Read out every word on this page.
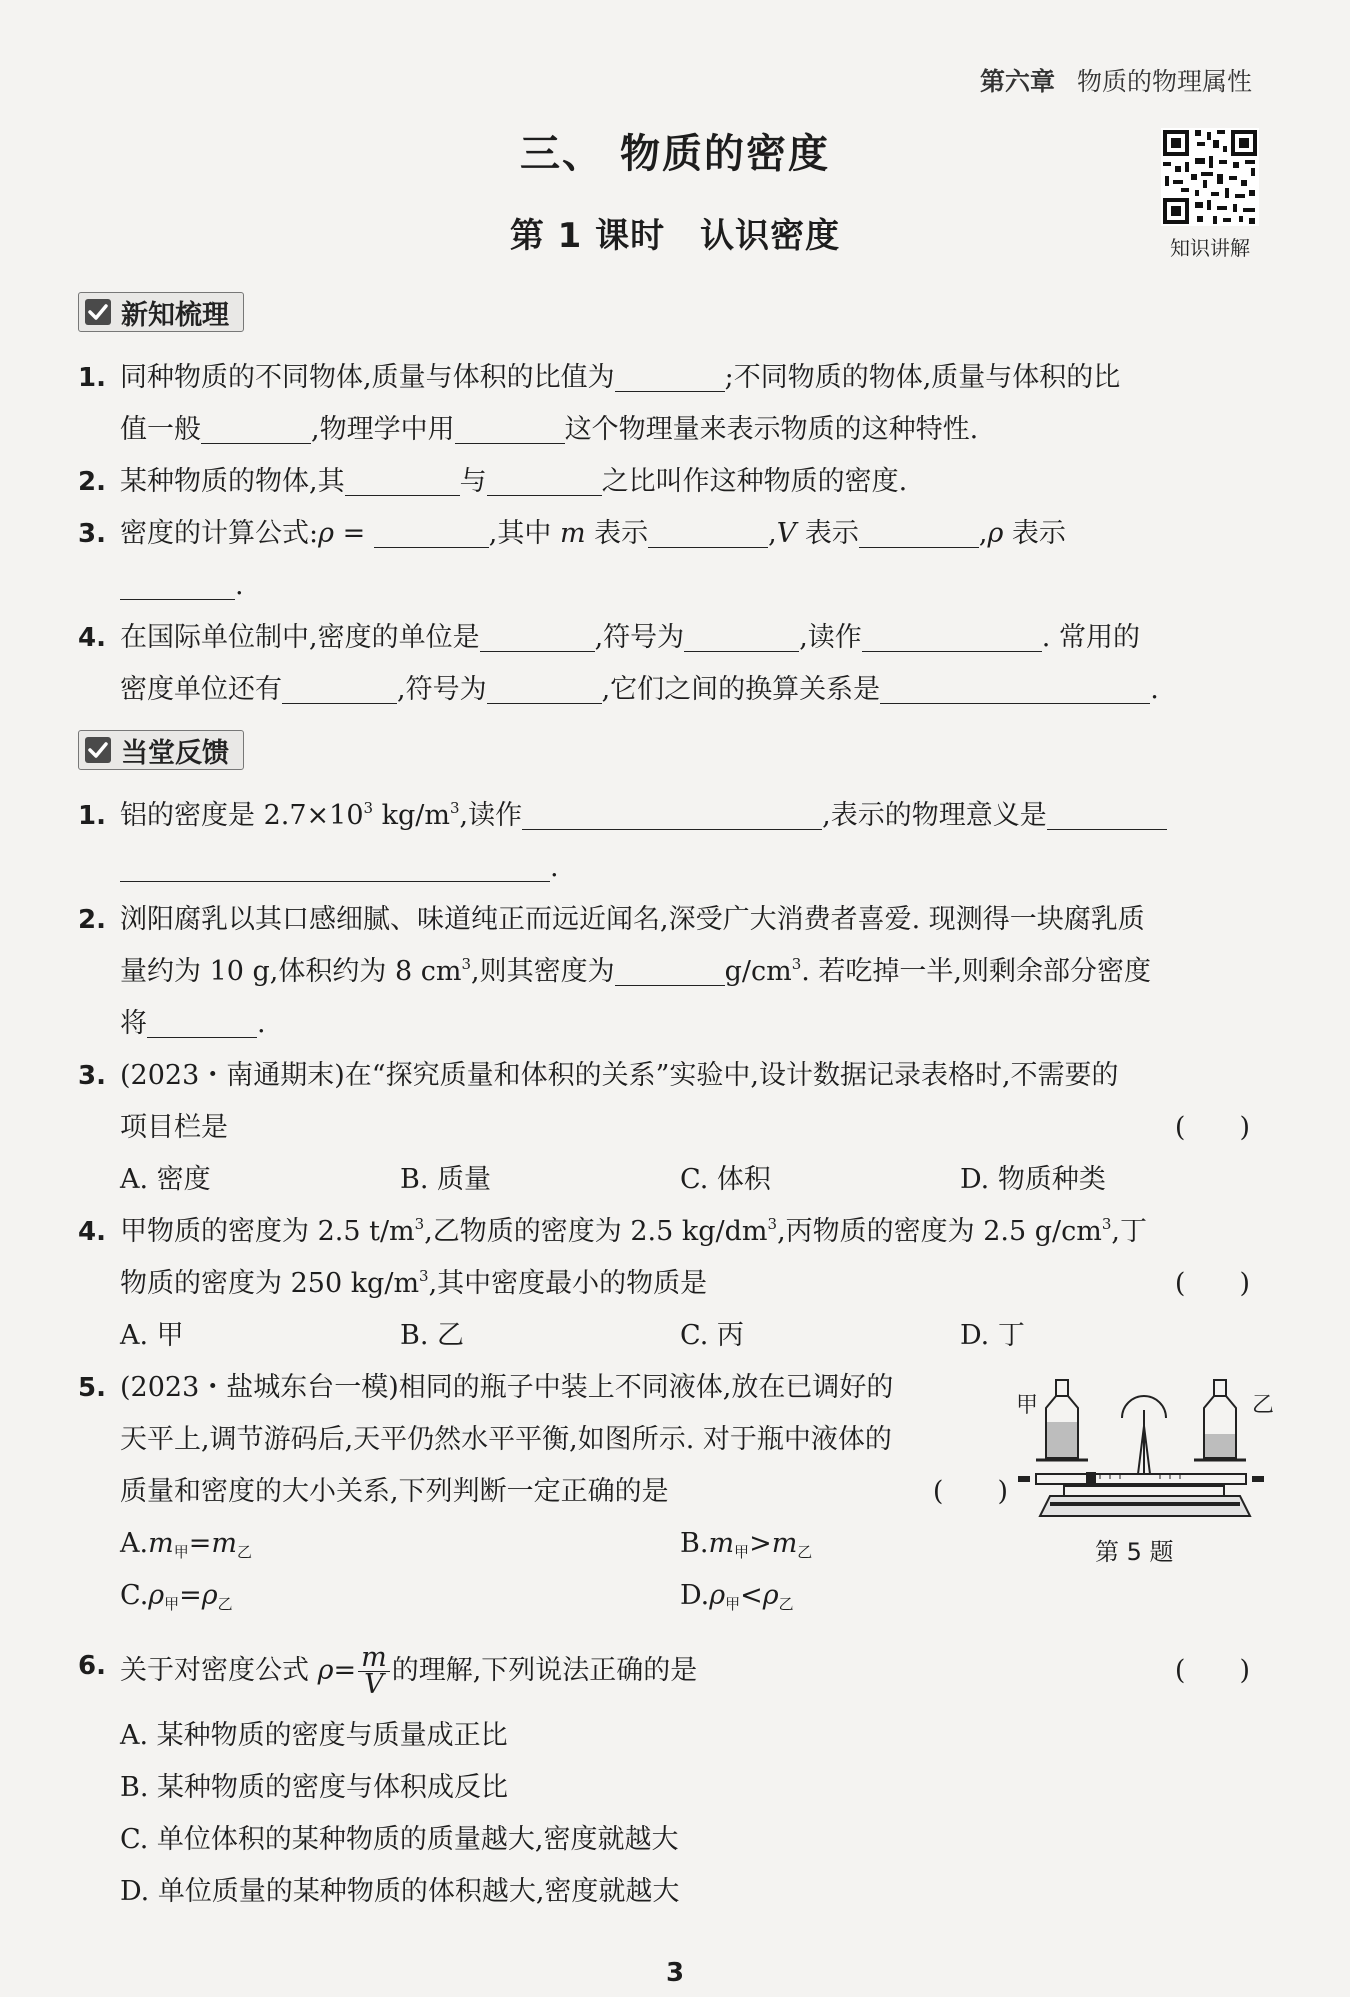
第六章 物质的物理属性
三、 物质的密度
第 1 课时　认识密度	知识讲解
新知梳理
1. 同种物质的不同物体,质量与体积的比值为	;不同物质的物体,质量与体积的比
值一般	,物理学中用	这个物理量来表示物质的这种特性.
2. 某种物质的物体,其	与	之比叫作这种物质的密度.
3. 密度的计算公式:ρ =	,其中 m 表示	,V 表示	,ρ 表示
.
4. 在国际单位制中,密度的单位是	,符号为	,读作	. 常用的
密度单位还有	,符号为	,它们之间的换算关系是	.
当堂反馈
1. 铝的密度是 $2.7\times 10^3$ $kg/m^3$,读作	,表示的物理意义是
.
2. 浏阳腐乳以其口感细腻、味道纯正而远近闻名,深受广大消费者喜爱. 现测得一块腐乳质
量约为 10 g,体积约为 8 $cm^3$,则其密度为	$g/cm^3$. 若吃掉一半,则剩余部分密度
将	.
3. (2023・南通期末)在“探究质量和体积的关系”实验中,设计数据记录表格时,不需要的
项目栏是	(　　)
A. 密度	B. 质量	C. 体积	D. 物质种类
4. 甲物质的密度为 2.5 $t/m^3$,乙物质的密度为 2.5 $kg/dm^3$,丙物质的密度为 2.5 $g/cm^3$,丁
物质的密度为 250 $kg/m^3$,其中密度最小的物质是	(　　)
A. 甲	B. 乙	C. 丙	D. 丁
5. (2023・盐城东台一模)相同的瓶子中装上不同液体,放在已调好的
天平上,调节游码后,天平仍然水平平衡,如图所示. 对于瓶中液体的
质量和密度的大小关系,下列判断一定正确的是	(　　)
$A.m_甲=m_乙$	$B.m_甲>m_乙$
$C.\rho_甲=\rho_乙$	$D.\rho_甲<\rho_乙$
甲	乙
第 5 题
6. 关于对密度公式 $\rho= \frac{m}{V}$ 的理解,下列说法正确的是	(　　)
A. 某种物质的密度与质量成正比
B. 某种物质的密度与体积成反比
C. 单位体积的某种物质的质量越大,密度就越大
D. 单位质量的某种物质的体积越大,密度就越大
3
